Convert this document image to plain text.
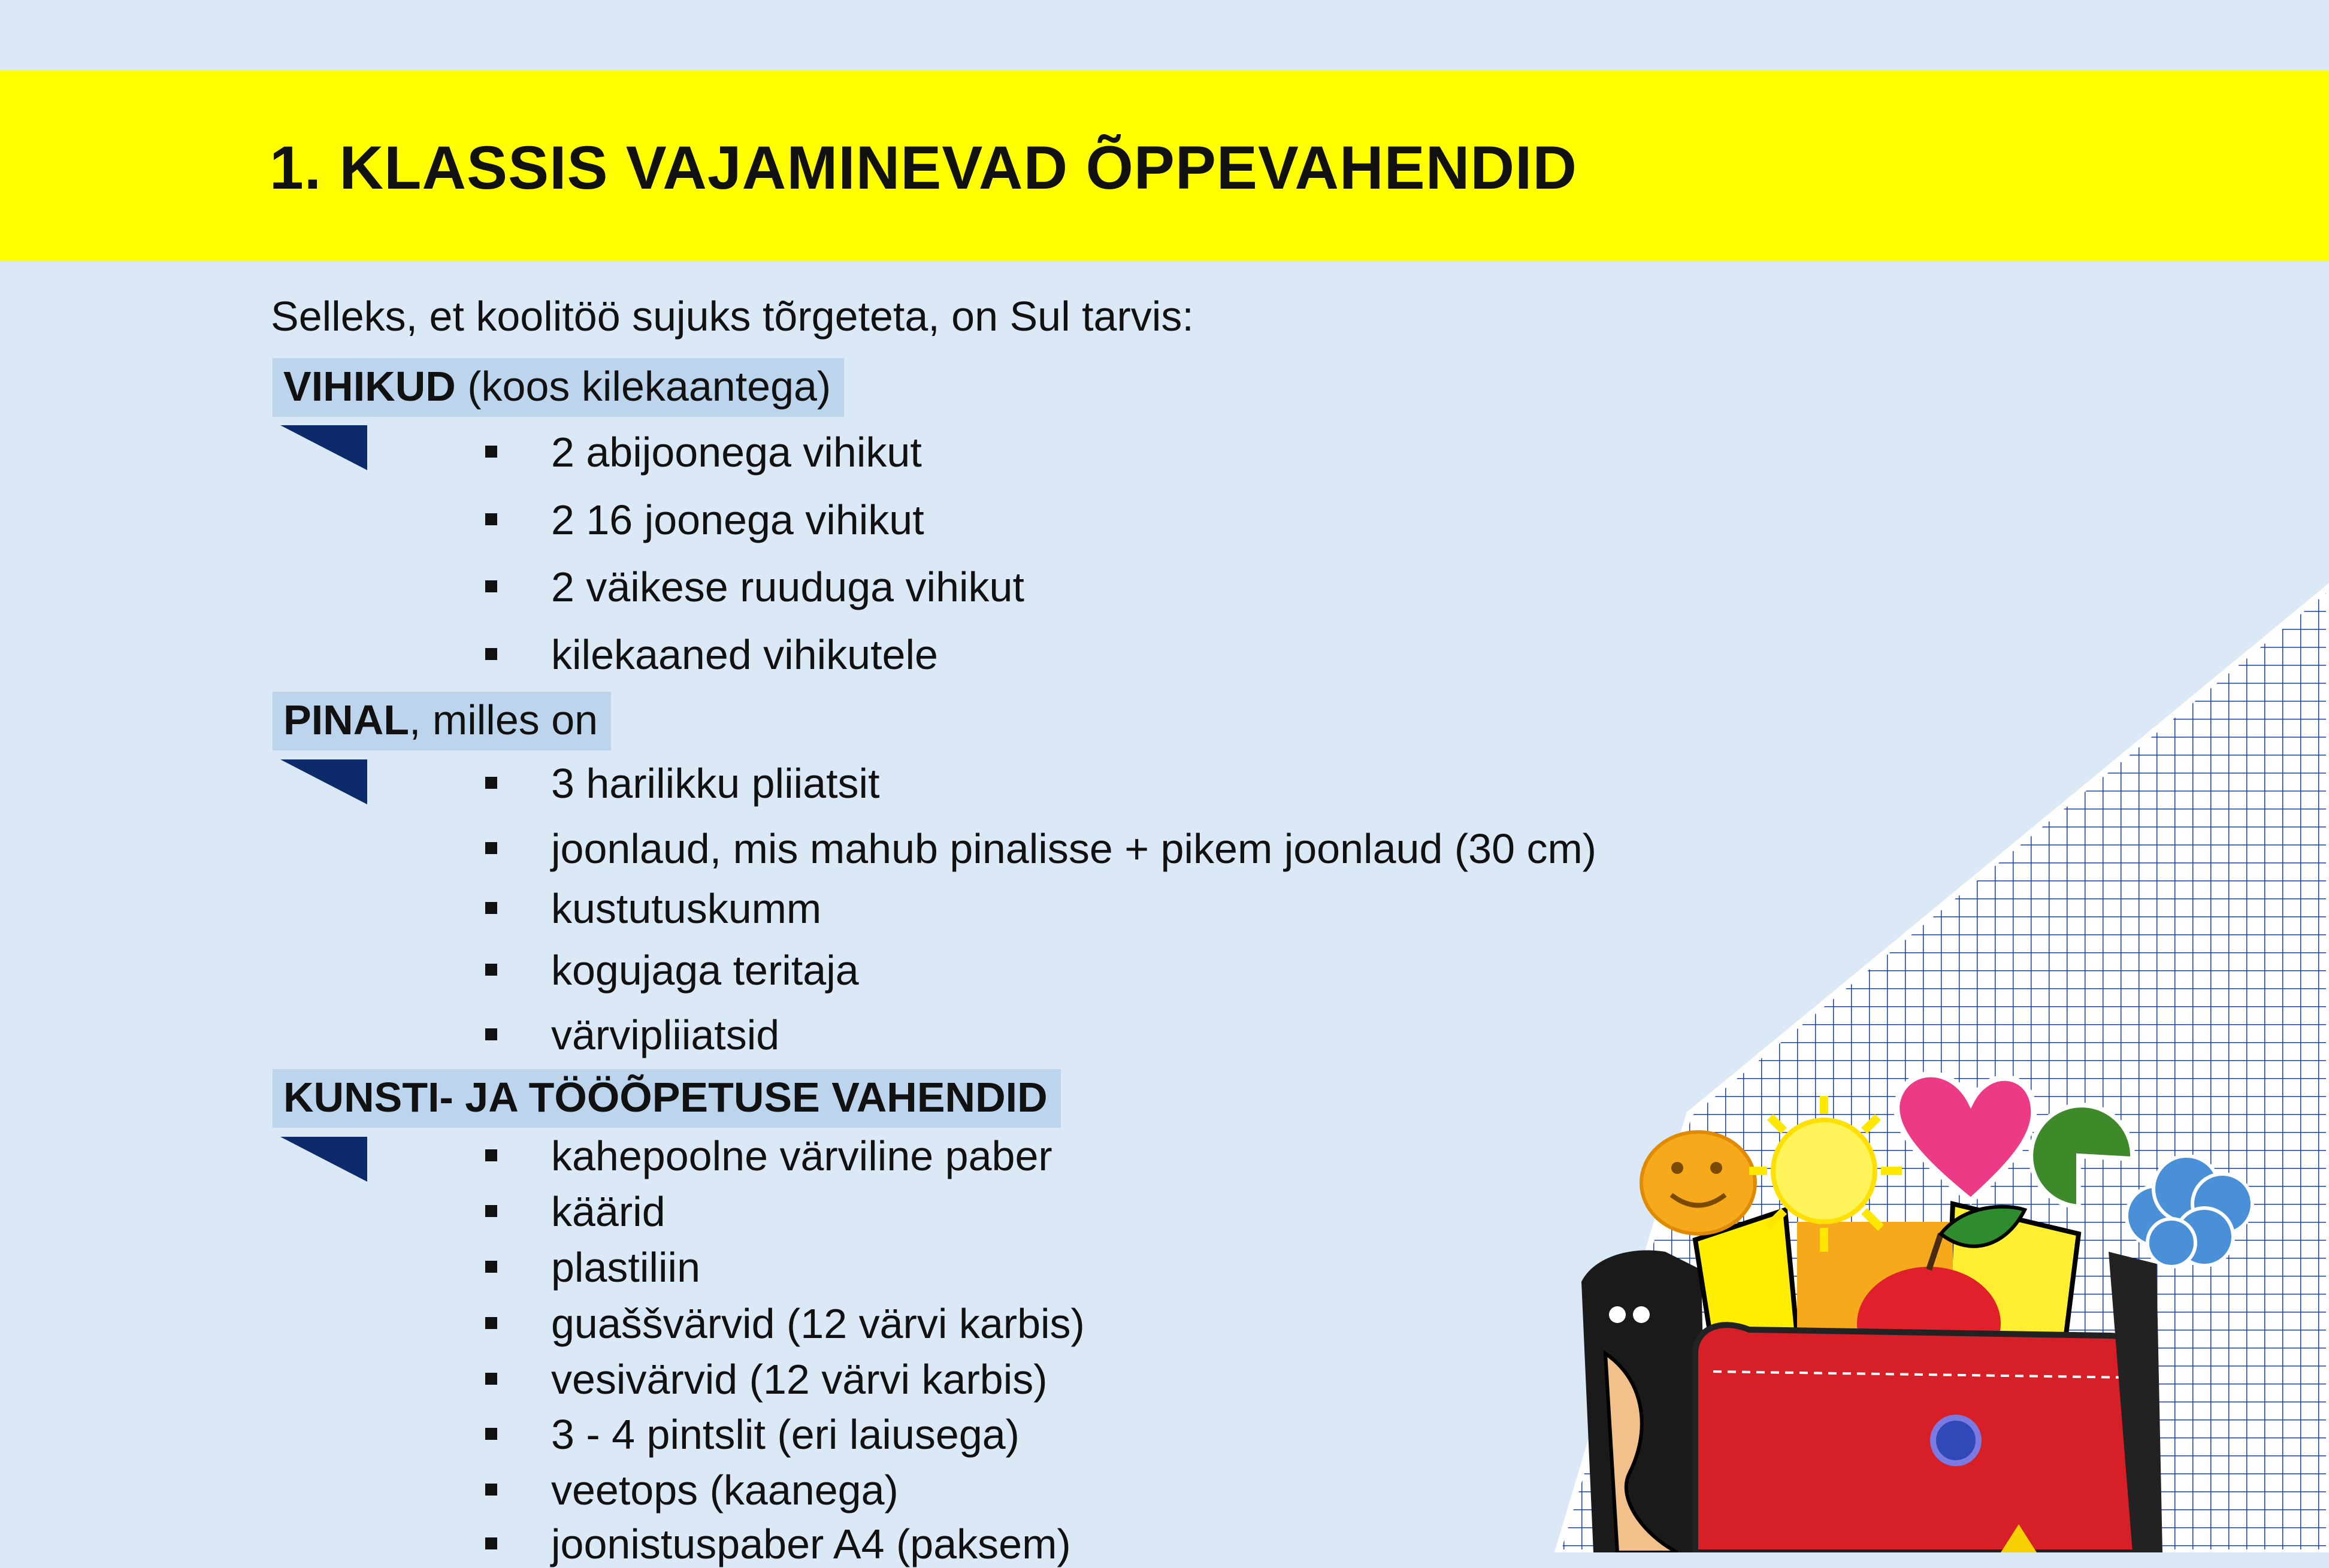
1. KLASSIS VAJAMINEVAD ÕPPEVAHENDID
Selleks, et koolitöö sujuks tõrgeteta, on Sul tarvis:
VIHIKUD (koos kilekaantega)
2 abijoonega vihikut
2 16 joonega vihikut
2 väikese ruuduga vihikut
kilekaaned vihikutele
PINAL, milles on
3 harilikku pliiatsit
joonlaud, mis mahub pinalisse + pikem joonlaud (30 cm)
kustutuskumm
kogujaga teritaja
värvipliiatsid
KUNSTI- JA TÖÖÕPETUSE VAHENDID
kahepoolne värviline paber
käärid
plastiliin
guaššvärvid (12 värvi karbis)
vesivärvid (12 värvi karbis)
3 - 4 pintslit (eri laiusega)
veetops (kaanega)
joonistuspaber A4 (paksem)
